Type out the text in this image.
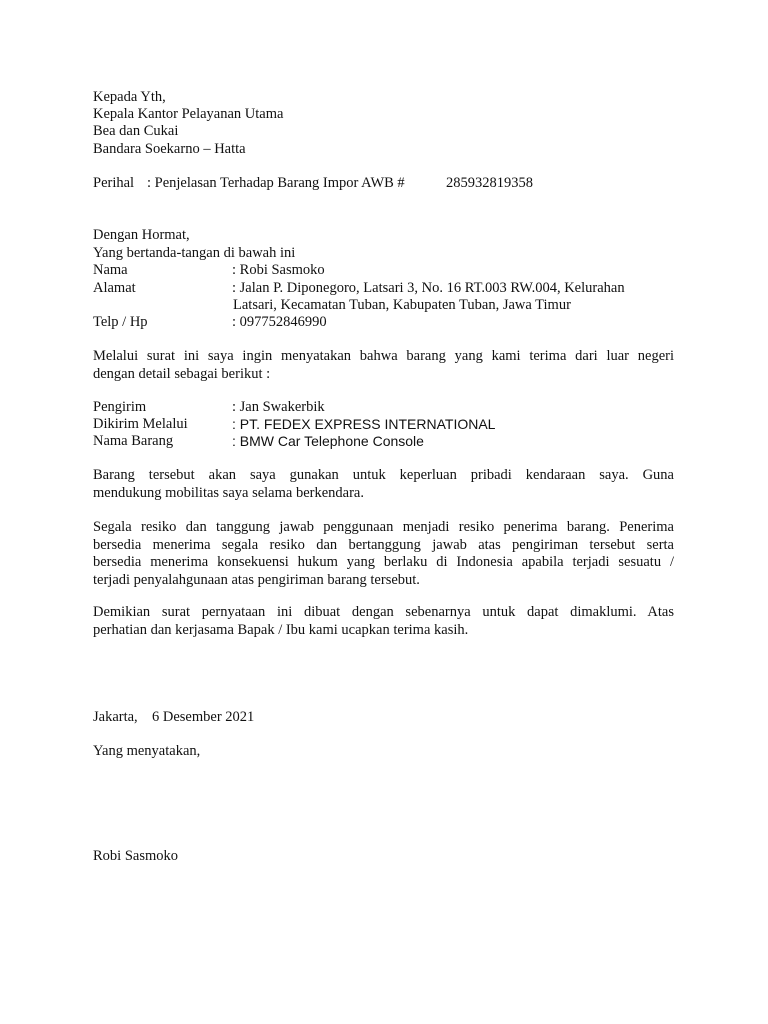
Kepada Yth,
Kepala Kantor Pelayanan Utama
Bea dan Cukai
Bandara Soekarno – Hatta
Perihal : Penjelasan Terhadap Barang Impor AWB #	285932819358
Dengan Hormat,
Yang bertanda-tangan di bawah ini
Nama	: Robi Sasmoko
Alamat	: Jalan P. Diponegoro, Latsari 3, No. 16 RT.003 RW.004, Kelurahan
Latsari, Kecamatan Tuban, Kabupaten Tuban, Jawa Timur
Telp / Hp	: 097752846990
Melalui surat ini saya ingin menyatakan bahwa barang yang kami terima dari luar negeri
dengan detail sebagai berikut :
Pengirim	: Jan Swakerbik
Dikirim Melalui	: PT. FEDEX EXPRESS INTERNATIONAL
Nama Barang	: BMW Car Telephone Console
Barang tersebut akan saya gunakan untuk keperluan pribadi kendaraan saya. Guna
mendukung mobilitas saya selama berkendara.
Segala resiko dan tanggung jawab penggunaan menjadi resiko penerima barang. Penerima
bersedia menerima segala resiko dan bertanggung jawab atas pengiriman tersebut serta
bersedia menerima konsekuensi hukum yang berlaku di Indonesia apabila terjadi sesuatu /
terjadi penyalahgunaan atas pengiriman barang tersebut.
Demikian surat pernyataan ini dibuat dengan sebenarnya untuk dapat dimaklumi. Atas
perhatian dan kerjasama Bapak / Ibu kami ucapkan terima kasih.
Jakarta, 6 Desember 2021
Yang menyatakan,
Robi Sasmoko
